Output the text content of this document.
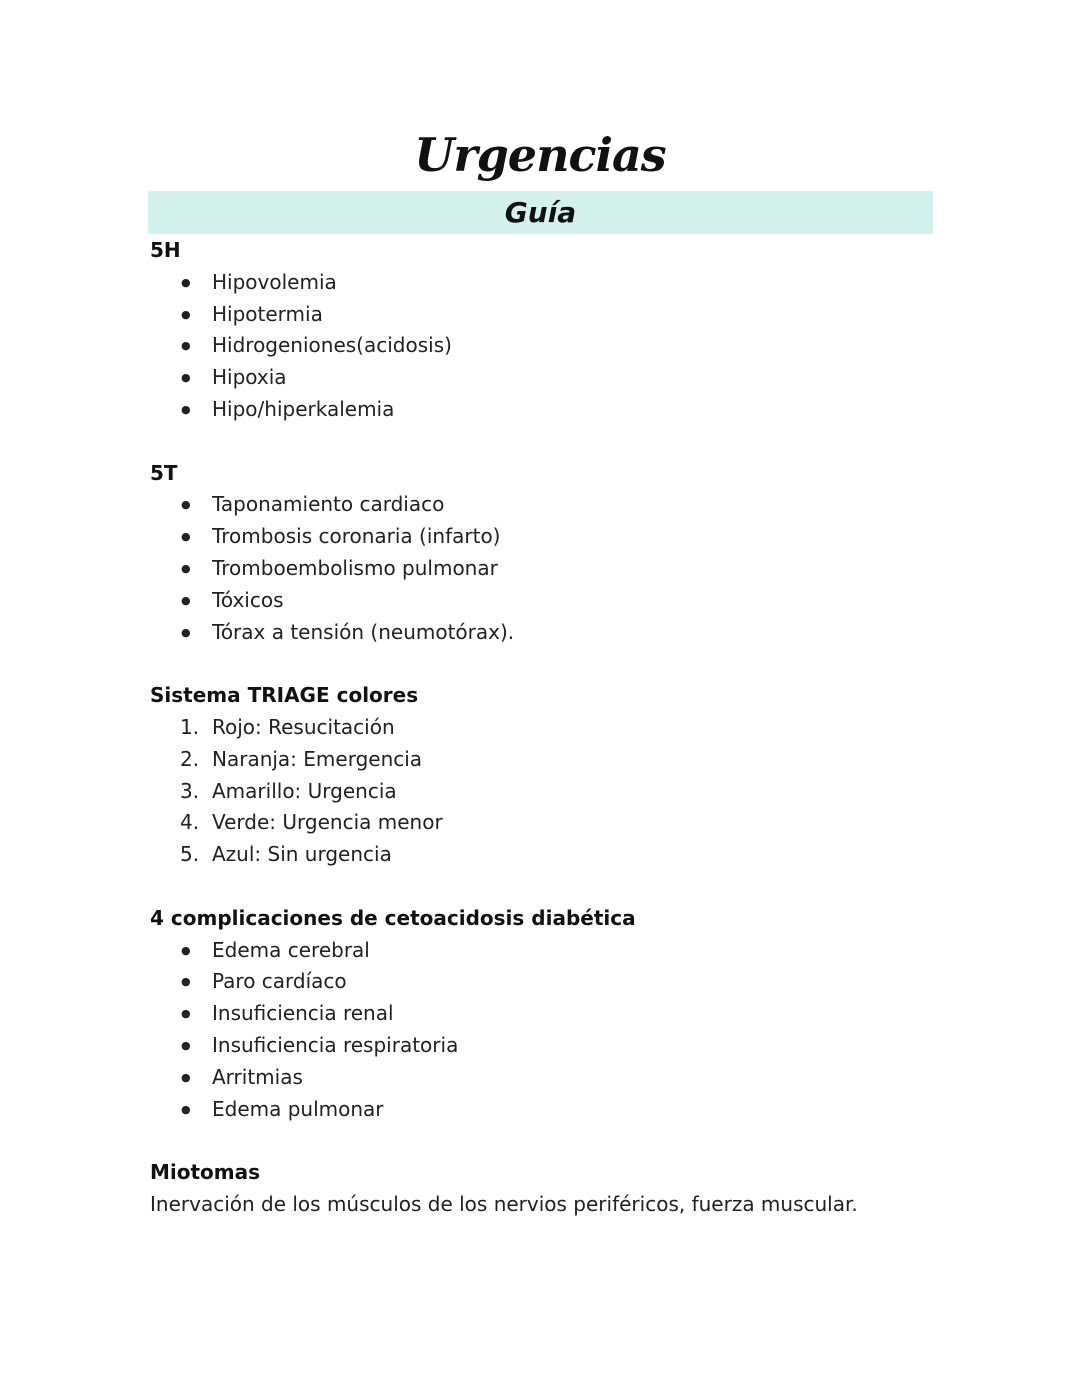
Urgencias
Guía
5H
● Hipovolemia
● Hipotermia
● Hidrogeniones(acidosis)
● Hipoxia
● Hipo/hiperkalemia
5T
● Taponamiento cardiaco
● Trombosis coronaria (infarto)
● Tromboembolismo pulmonar
● Tóxicos
● Tórax a tensión (neumotórax).
Sistema TRIAGE colores
1. Rojo: Resucitación
2. Naranja: Emergencia
3. Amarillo: Urgencia
4. Verde: Urgencia menor
5. Azul: Sin urgencia
4 complicaciones de cetoacidosis diabética
● Edema cerebral
● Paro cardíaco
● Insuficiencia renal
● Insuficiencia respiratoria
● Arritmias
● Edema pulmonar
Miotomas
Inervación de los músculos de los nervios periféricos, fuerza muscular.
